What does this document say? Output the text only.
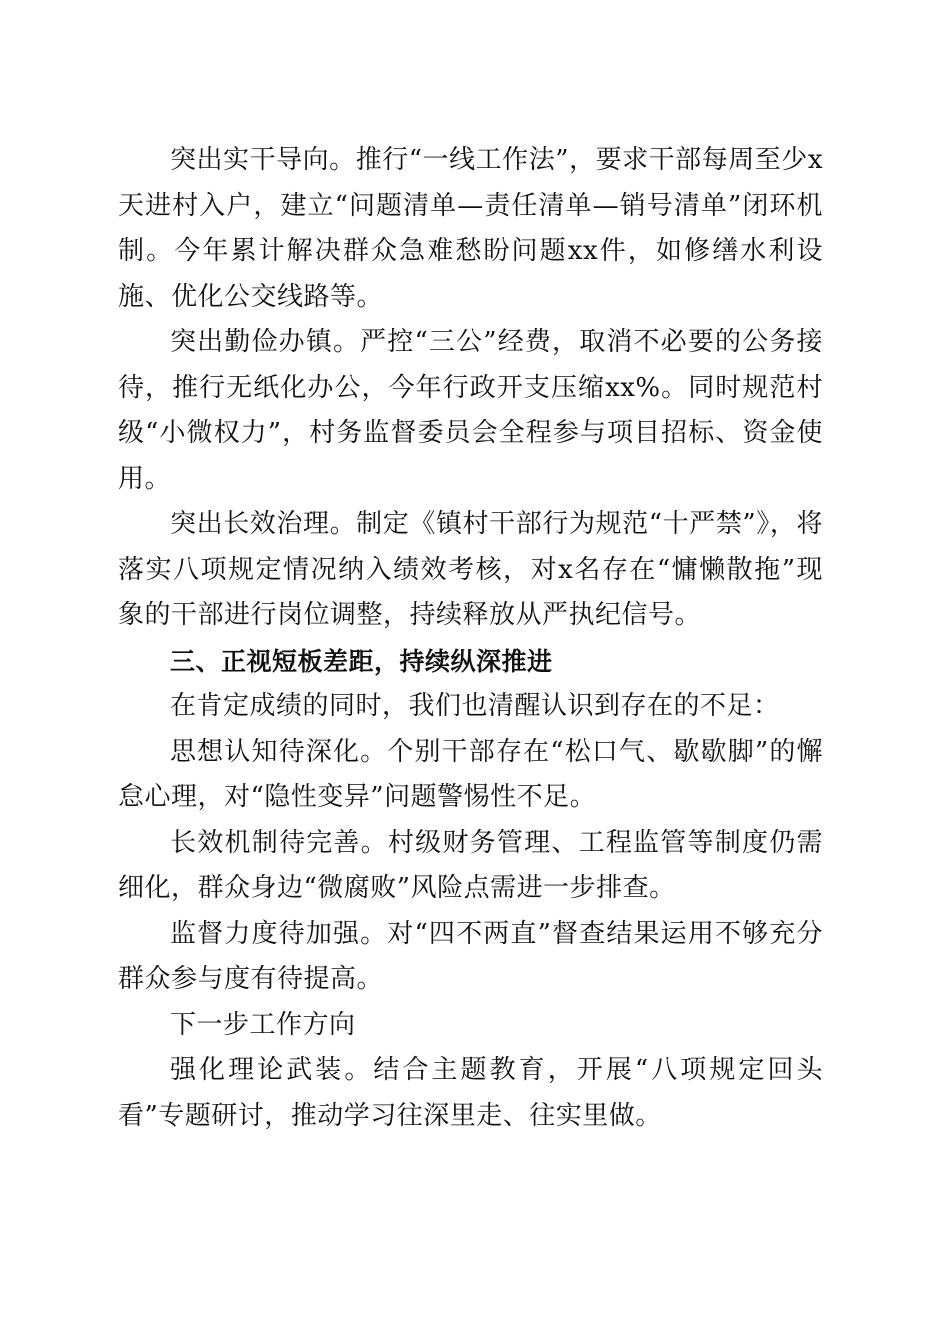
突出实干导向。推行“一线工作法”，要求干部每周至少x天进村入户，建立“问题清单—责任清单—销号清单”闭环机制。今年累计解决群众急难愁盼问题xx件，如修缮水利设施、优化公交线路等。

突出勤俭办镇。严控“三公”经费，取消不必要的公务接待，推行无纸化办公，今年行政开支压缩xx%。同时规范村级“小微权力”，村务监督委员会全程参与项目招标、资金使用。

突出长效治理。制定《镇村干部行为规范“十严禁”》，将落实八项规定情况纳入绩效考核，对x名存在“慵懒散拖”现象的干部进行岗位调整，持续释放从严执纪信号。

三、正视短板差距，持续纵深推进

在肯定成绩的同时，我们也清醒认识到存在的不足：

思想认知待深化。个别干部存在“松口气、歇歇脚”的懈怠心理，对“隐性变异”问题警惕性不足。

长效机制待完善。村级财务管理、工程监管等制度仍需细化，群众身边“微腐败”风险点需进一步排查。

监督力度待加强。对“四不两直”督查结果运用不够充分群众参与度有待提高。

下一步工作方向

强化理论武装。结合主题教育，开展“八项规定回头看”专题研讨，推动学习往深里走、往实里做。
